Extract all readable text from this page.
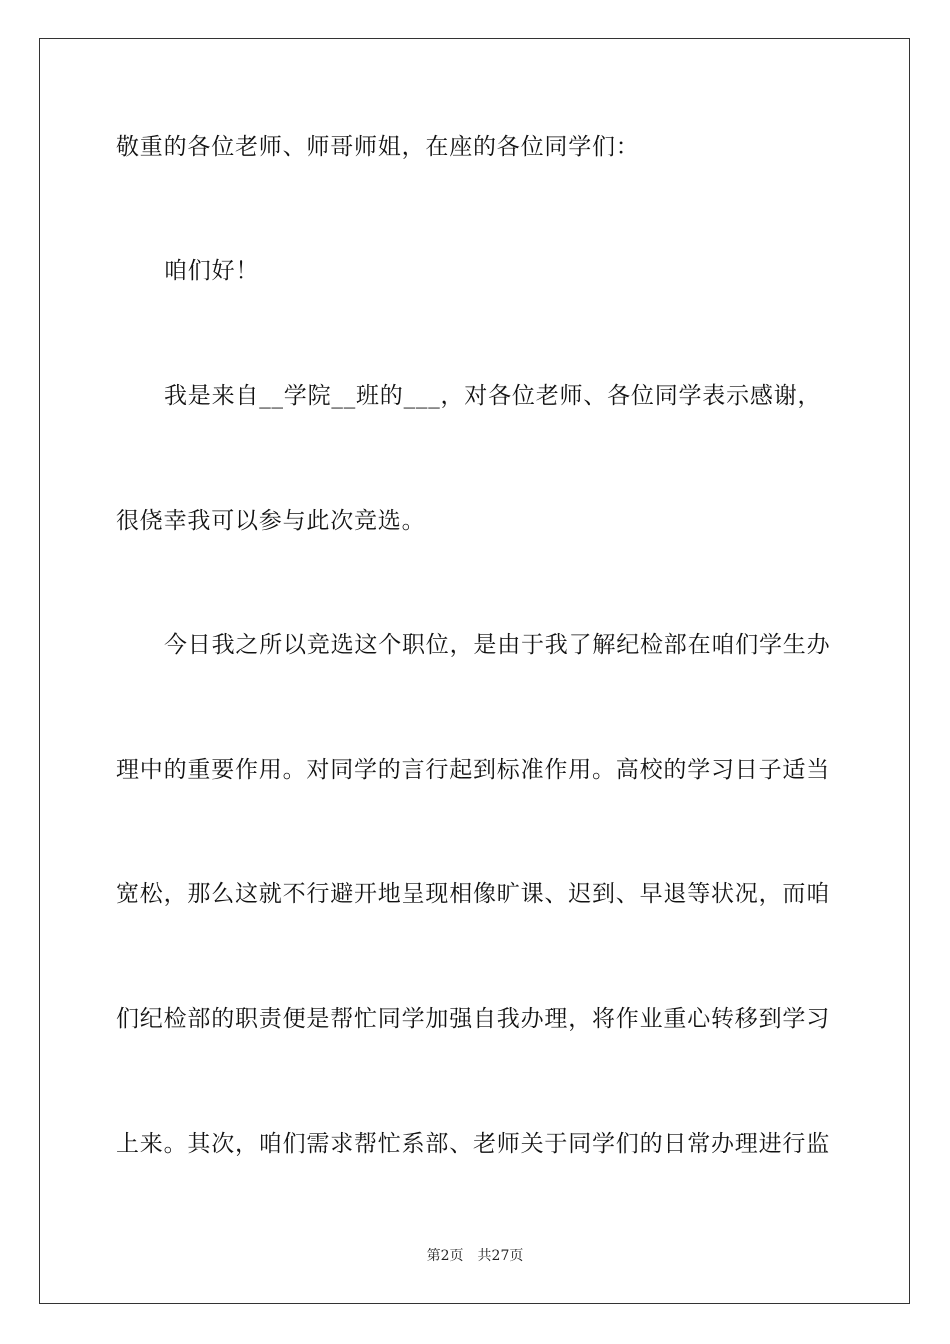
敬重的各位老师、师哥师姐，在座的各位同学们：
咱们好！
我是来自__学院__班的___，对各位老师、各位同学表示感谢，
很侥幸我可以参与此次竞选。
今日我之所以竞选这个职位，是由于我了解纪检部在咱们学生办
理中的重要作用。对同学的言行起到标准作用。高校的学习日子适当
宽松，那么这就不行避开地呈现相像旷课、迟到、早退等状况，而咱
们纪检部的职责便是帮忙同学加强自我办理，将作业重心转移到学习
上来。其次，咱们需求帮忙系部、老师关于同学们的日常办理进行监
第2页 共27页
